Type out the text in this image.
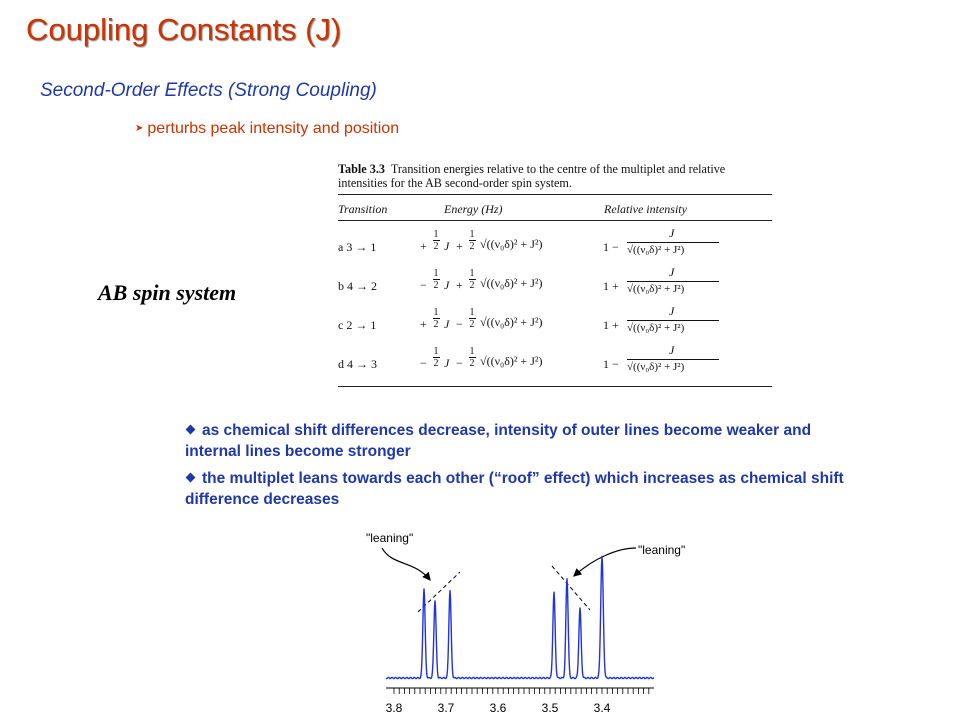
Coupling Constants (J)
Second-Order Effects (Strong Coupling)
➤ perturbs peak intensity and position
AB spin system
Table 3.3 Transition energies relative to the centre of the multiplet and relative intensities for the AB second-order spin system.
Transition	Energy (Hz)	Relative intensity
a 3 → 1	+
1
2 J +
1
2 √((ν₀δ)² + J²)	1 −
J
√((ν₀δ)² + J²)
b 4 → 2	−
1
2 J +
1
2 √((ν₀δ)² + J²)	1 +
J
√((ν₀δ)² + J²)
c 2 → 1	+
1
2 J −
1
2 √((ν₀δ)² + J²)	1 +
J
√((ν₀δ)² + J²)
d 4 → 3	−
1
2 J −
1
2 √((ν₀δ)² + J²)	1 −
J
√((ν₀δ)² + J²)

as chemical shift differences decrease, intensity of outer lines become weaker and internal lines become stronger

the multiplet leans towards each other (“roof” effect) which increases as chemical shift difference decreases

"leaning"
"leaning"
3.8	3.7	3.6	3.5	3.4
